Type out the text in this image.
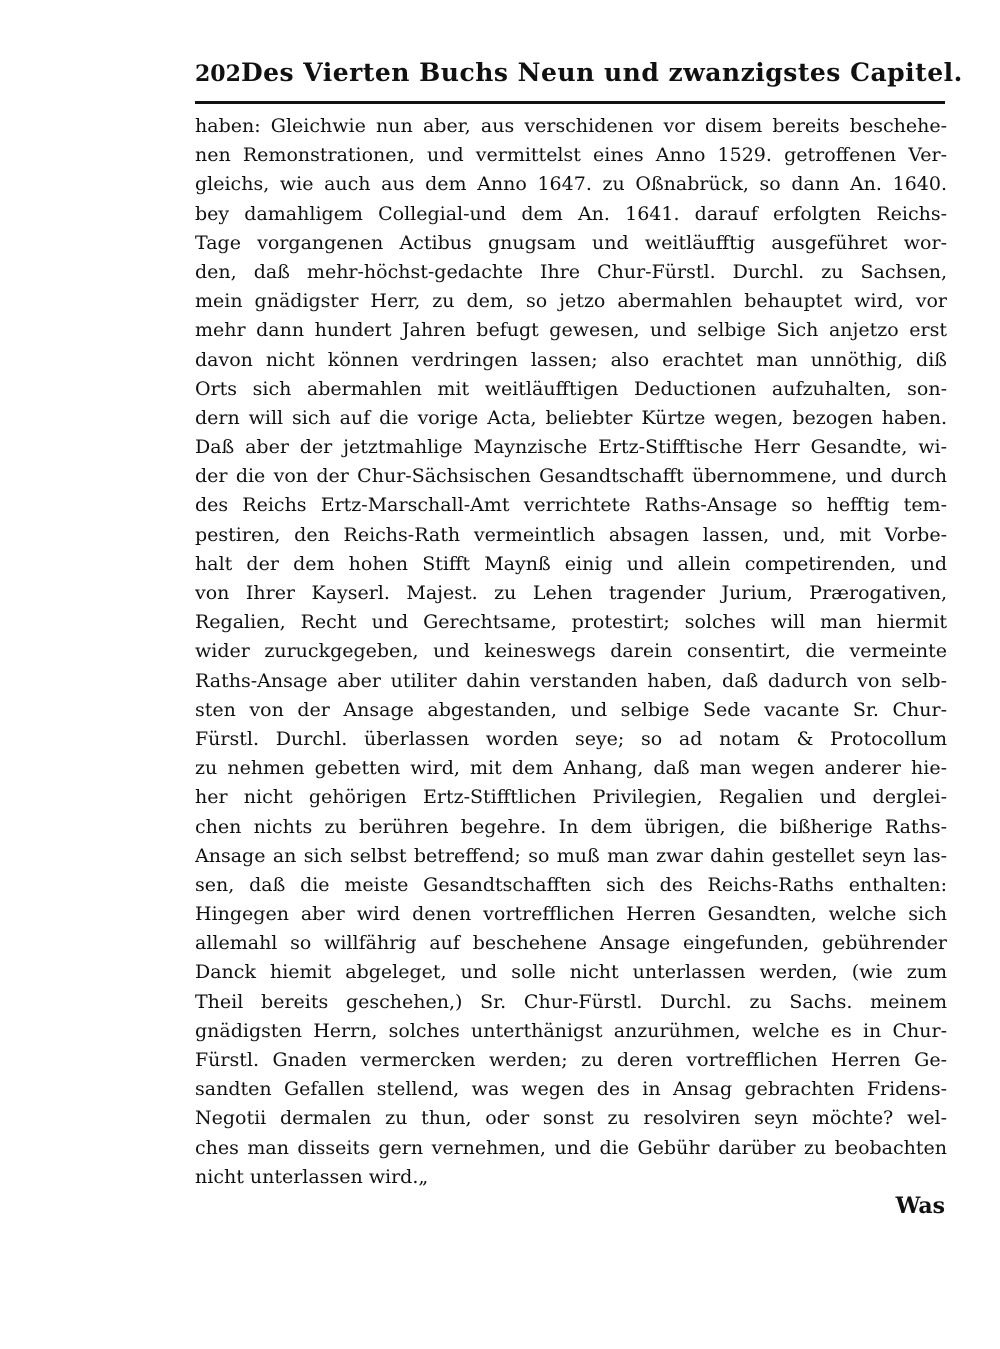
202 Des Vierten Buchs Neun und zwanzigstes Capitel.
haben: Gleichwie nun aber, aus verschidenen vor disem bereits beschehe-
nen Remonstrationen, und vermittelst eines Anno 1529. getroffenen Ver-
gleichs, wie auch aus dem Anno 1647. zu Oßnabrück, so dann An. 1640.
bey damahligem Collegial-und dem An. 1641. darauf erfolgten Reichs-
Tage vorgangenen Actibus gnugsam und weitläufftig ausgeführet wor-
den, daß mehr-höchst-gedachte Ihre Chur-Fürstl. Durchl. zu Sachsen,
mein gnädigster Herr, zu dem, so jetzo abermahlen behauptet wird, vor
mehr dann hundert Jahren befugt gewesen, und selbige Sich anjetzo erst
davon nicht können verdringen lassen; also erachtet man unnöthig, diß
Orts sich abermahlen mit weitläufftigen Deductionen aufzuhalten, son-
dern will sich auf die vorige Acta, beliebter Kürtze wegen, bezogen haben.
Daß aber der jetztmahlige Maynzische Ertz-Stifftische Herr Gesandte, wi-
der die von der Chur-Sächsischen Gesandtschafft übernommene, und durch
des Reichs Ertz-Marschall-Amt verrichtete Raths-Ansage so hefftig tem-
pestiren, den Reichs-Rath vermeintlich absagen lassen, und, mit Vorbe-
halt der dem hohen Stifft Maynß einig und allein competirenden, und
von Ihrer Kayserl. Majest. zu Lehen tragender Jurium, Prærogativen,
Regalien, Recht und Gerechtsame, protestirt; solches will man hiermit
wider zuruckgegeben, und keineswegs darein consentirt, die vermeinte
Raths-Ansage aber utiliter dahin verstanden haben, daß dadurch von selb-
sten von der Ansage abgestanden, und selbige Sede vacante Sr. Chur-
Fürstl. Durchl. überlassen worden seye; so ad notam & Protocollum
zu nehmen gebetten wird, mit dem Anhang, daß man wegen anderer hie-
her nicht gehörigen Ertz-Stifftlichen Privilegien, Regalien und derglei-
chen nichts zu berühren begehre. In dem übrigen, die bißherige Raths-
Ansage an sich selbst betreffend; so muß man zwar dahin gestellet seyn las-
sen, daß die meiste Gesandtschafften sich des Reichs-Raths enthalten:
Hingegen aber wird denen vortrefflichen Herren Gesandten, welche sich
allemahl so willfährig auf beschehene Ansage eingefunden, gebührender
Danck hiemit abgeleget, und solle nicht unterlassen werden, (wie zum
Theil bereits geschehen,) Sr. Chur-Fürstl. Durchl. zu Sachs. meinem
gnädigsten Herrn, solches unterthänigst anzurühmen, welche es in Chur-
Fürstl. Gnaden vermercken werden; zu deren vortrefflichen Herren Ge-
sandten Gefallen stellend, was wegen des in Ansag gebrachten Fridens-
Negotii dermalen zu thun, oder sonst zu resolviren seyn möchte? wel-
ches man disseits gern vernehmen, und die Gebühr darüber zu beobachten
nicht unterlassen wird.„
Was
